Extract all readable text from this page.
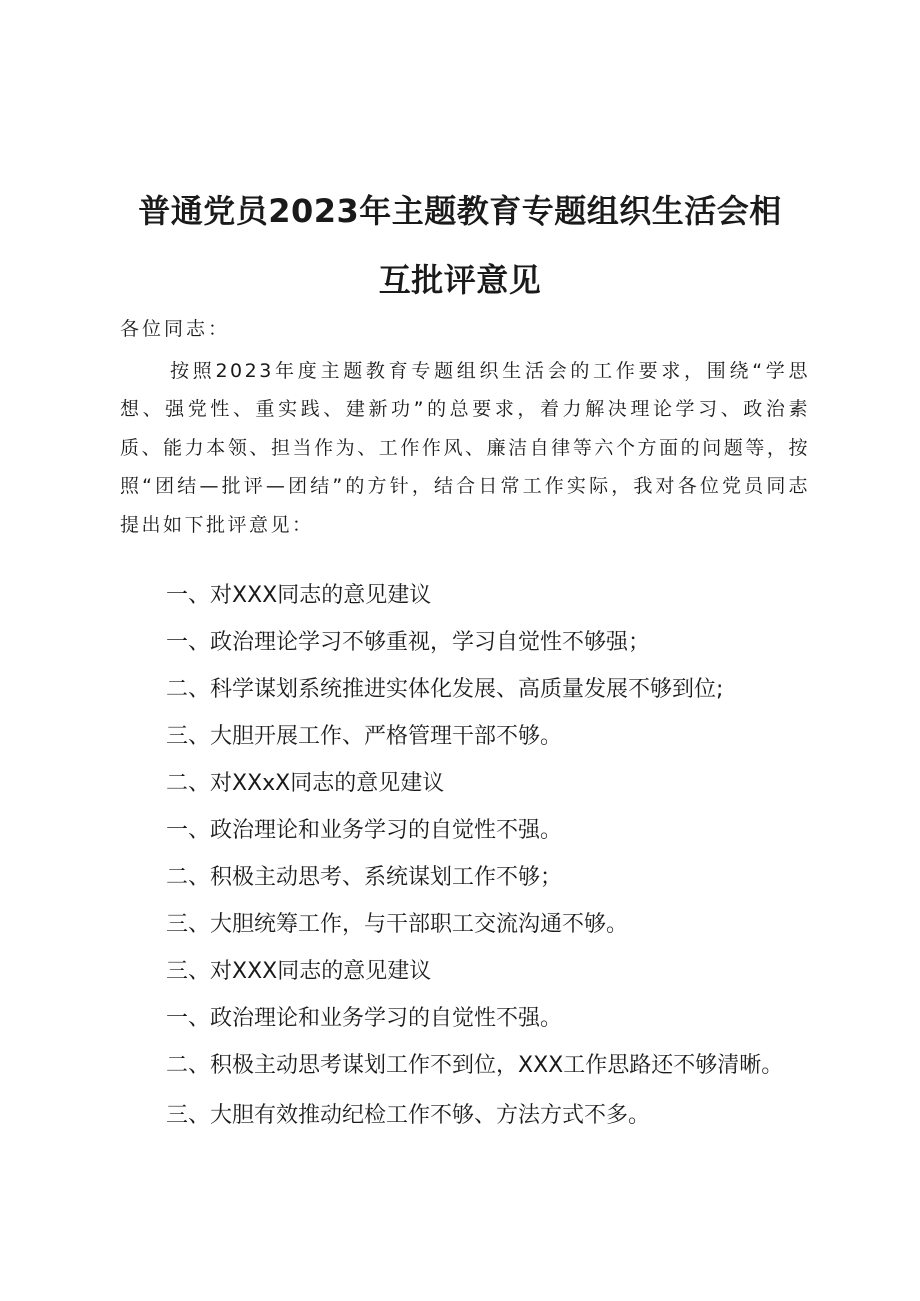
普通党员2023年主题教育专题组织生活会相
互批评意见
各位同志：
按照2023年度主题教育专题组织生活会的工作要求，围绕“学思想、强党性、重实践、建新功”的总要求，着力解决理论学习、政治素质、能力本领、担当作为、工作作风、廉洁自律等六个方面的问题等，按照“团结—批评—团结”的方针，结合日常工作实际，我对各位党员同志提出如下批评意见：
一、对XXX同志的意见建议
一、政治理论学习不够重视，学习自觉性不够强；
二、科学谋划系统推进实体化发展、高质量发展不够到位;
三、大胆开展工作、严格管理干部不够。
二、对XXxX同志的意见建议
一、政治理论和业务学习的自觉性不强。
二、积极主动思考、系统谋划工作不够；
三、大胆统筹工作，与干部职工交流沟通不够。
三、对XXX同志的意见建议
一、政治理论和业务学习的自觉性不强。
二、积极主动思考谋划工作不到位，XXX工作思路还不够清晰。
三、大胆有效推动纪检工作不够、方法方式不多。
